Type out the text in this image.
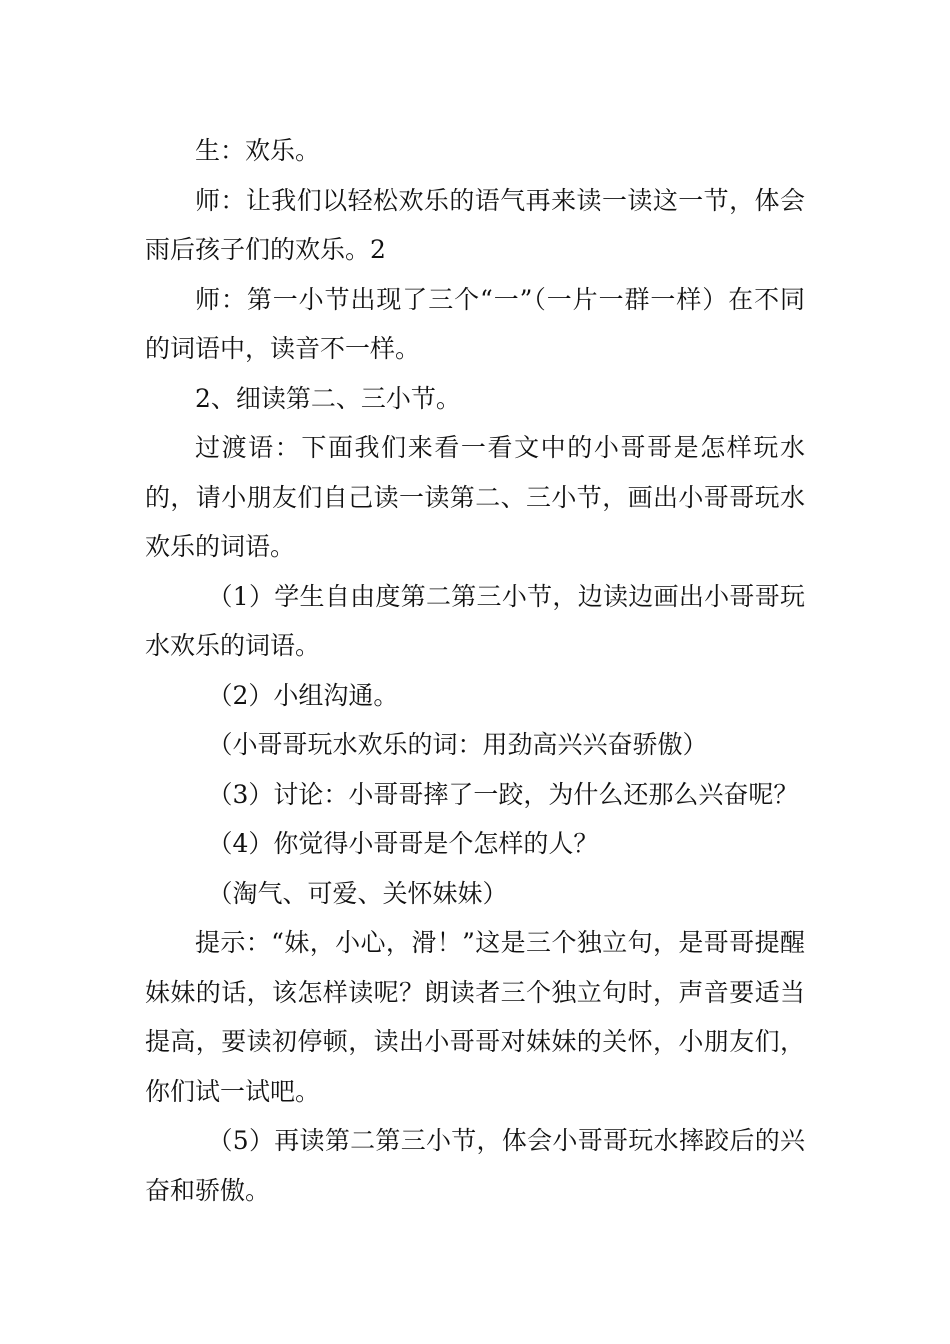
生：欢乐。

师：让我们以轻松欢乐的语气再来读一读这一节，体会雨后孩子们的欢乐。2

师：第一小节出现了三个“一”（一片一群一样）在不同的词语中，读音不一样。

2、细读第二、三小节。

过渡语：下面我们来看一看文中的小哥哥是怎样玩水的，请小朋友们自己读一读第二、三小节，画出小哥哥玩水欢乐的词语。

（1）学生自由度第二第三小节，边读边画出小哥哥玩水欢乐的词语。

（2）小组沟通。

（小哥哥玩水欢乐的词：用劲高兴兴奋骄傲）

（3）讨论：小哥哥摔了一跤，为什么还那么兴奋呢？

（4）你觉得小哥哥是个怎样的人？

（淘气、可爱、关怀妹妹）

提示：“妹，小心，滑！”这是三个独立句，是哥哥提醒妹妹的话，该怎样读呢？朗读者三个独立句时，声音要适当提高，要读初停顿，读出小哥哥对妹妹的关怀，小朋友们，你们试一试吧。

（5）再读第二第三小节，体会小哥哥玩水摔跤后的兴奋和骄傲。
